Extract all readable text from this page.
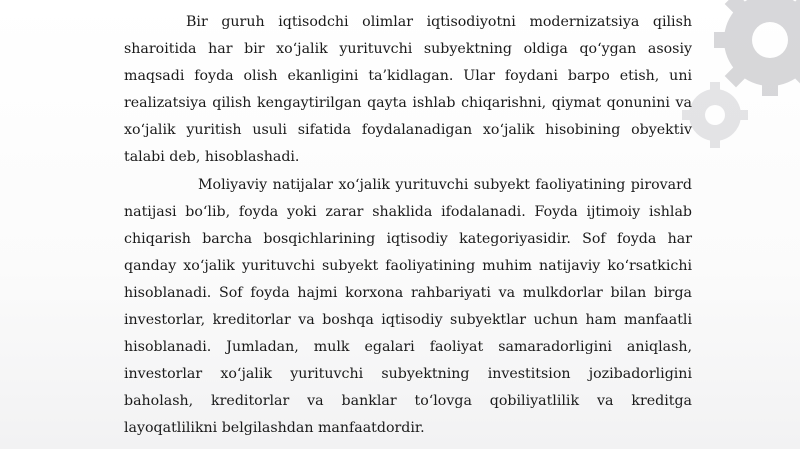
Bir guruh iqtisodchi olimlar iqtisodiyotni modernizatsiya qilish sharoitida har bir xo‘jalik yurituvchi subyektning oldiga qo‘ygan asosiy maqsadi foyda olish ekanligini ta’kidlagan. Ular foydani barpo etish, uni realizatsiya qilish kengaytirilgan qayta ishlab chiqarishni, qiymat qonunini va xo‘jalik yuritish usuli sifatida foydalanadigan xo‘jalik hisobining obyektiv talabi deb, hisoblashadi.

Moliyaviy natijalar xo‘jalik yurituvchi subyekt faoliyatining pirovard natijasi bo‘lib, foyda yoki zarar shaklida ifodalanadi. Foyda ijtimoiy ishlab chiqarish barcha bosqichlarining iqtisodiy kategoriyasidir. Sof foyda har qanday xo‘jalik yurituvchi subyekt faoliyatining muhim natijaviy ko‘rsatkichi hisoblanadi. Sof foyda hajmi korxona rahbariyati va mulkdorlar bilan birga investorlar, kreditorlar va boshqa iqtisodiy subyektlar uchun ham manfaatli hisoblanadi. Jumladan, mulk egalari faoliyat samaradorligini aniqlash, investorlar xo‘jalik yurituvchi subyektning investitsion jozibadorligini baholash, kreditorlar va banklar to‘lovga qobiliyatlilik va kreditga layoqatlilikni belgilashdan manfaatdordir.
